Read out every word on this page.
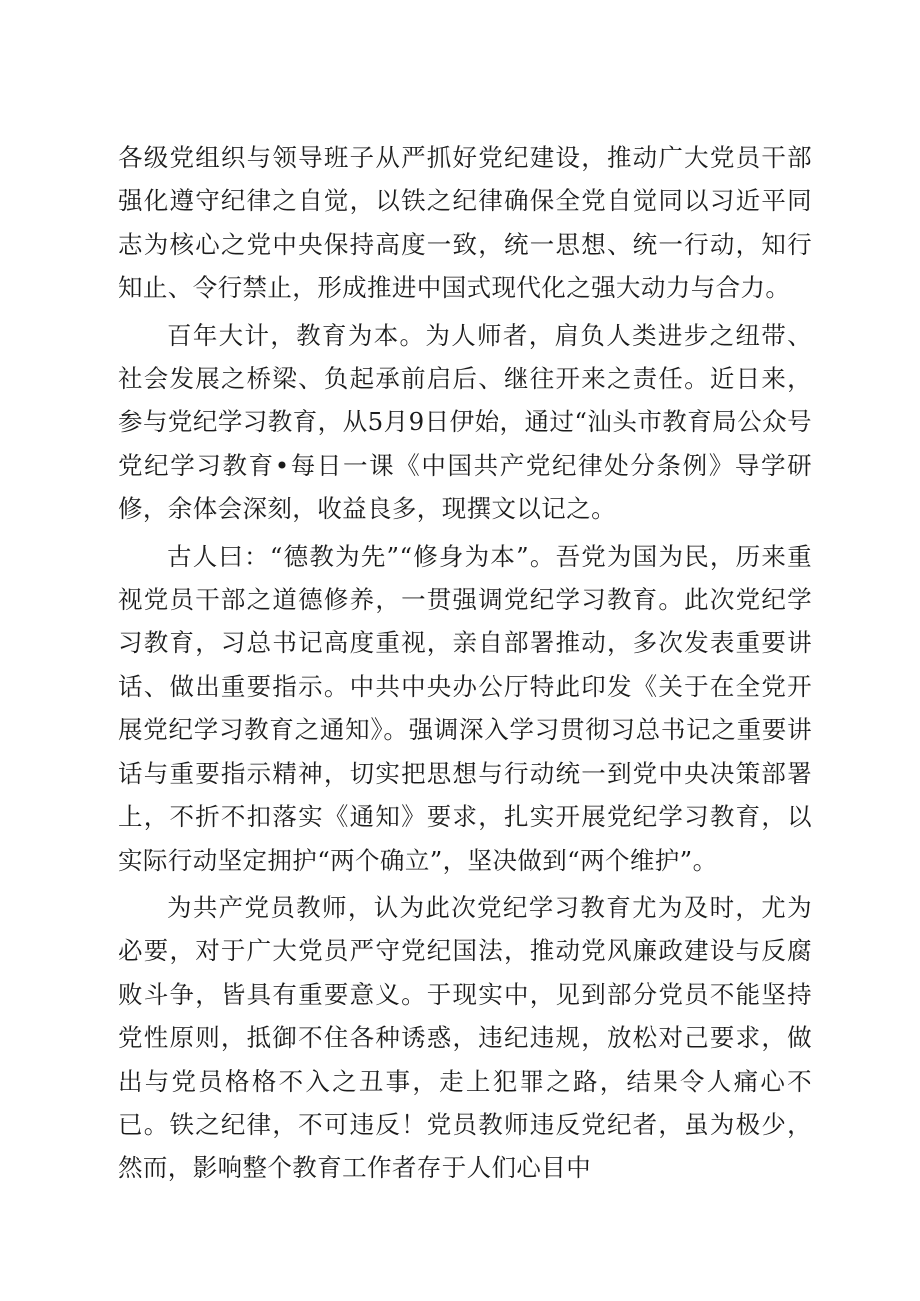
各级党组织与领导班子从严抓好党纪建设，推动广大党员干部强化遵守纪律之自觉，以铁之纪律确保全党自觉同以习近平同志为核心之党中央保持高度一致，统一思想、统一行动，知行知止、令行禁止，形成推进中国式现代化之强大动力与合力。

百年大计，教育为本。为人师者，肩负人类进步之纽带、社会发展之桥梁、负起承前启后、继往开来之责任。近日来，参与党纪学习教育，从5月9日伊始，通过“汕头市教育局公众号党纪学习教育•每日一课《中国共产党纪律处分条例》导学研修，余体会深刻，收益良多，现撰文以记之。

古人曰：“德教为先”“修身为本”。吾党为国为民，历来重视党员干部之道德修养，一贯强调党纪学习教育。此次党纪学习教育，习总书记高度重视，亲自部署推动，多次发表重要讲话、做出重要指示。中共中央办公厅特此印发《关于在全党开展党纪学习教育之通知》。强调深入学习贯彻习总书记之重要讲话与重要指示精神，切实把思想与行动统一到党中央决策部署上，不折不扣落实《通知》要求，扎实开展党纪学习教育，以实际行动坚定拥护“两个确立”，坚决做到“两个维护”。

为共产党员教师，认为此次党纪学习教育尤为及时，尤为必要，对于广大党员严守党纪国法，推动党风廉政建设与反腐败斗争，皆具有重要意义。于现实中，见到部分党员不能坚持党性原则，抵御不住各种诱惑，违纪违规，放松对己要求，做出与党员格格不入之丑事，走上犯罪之路，结果令人痛心不已。铁之纪律，不可违反！党员教师违反党纪者，虽为极少，然而，影响整个教育工作者存于人们心目中
